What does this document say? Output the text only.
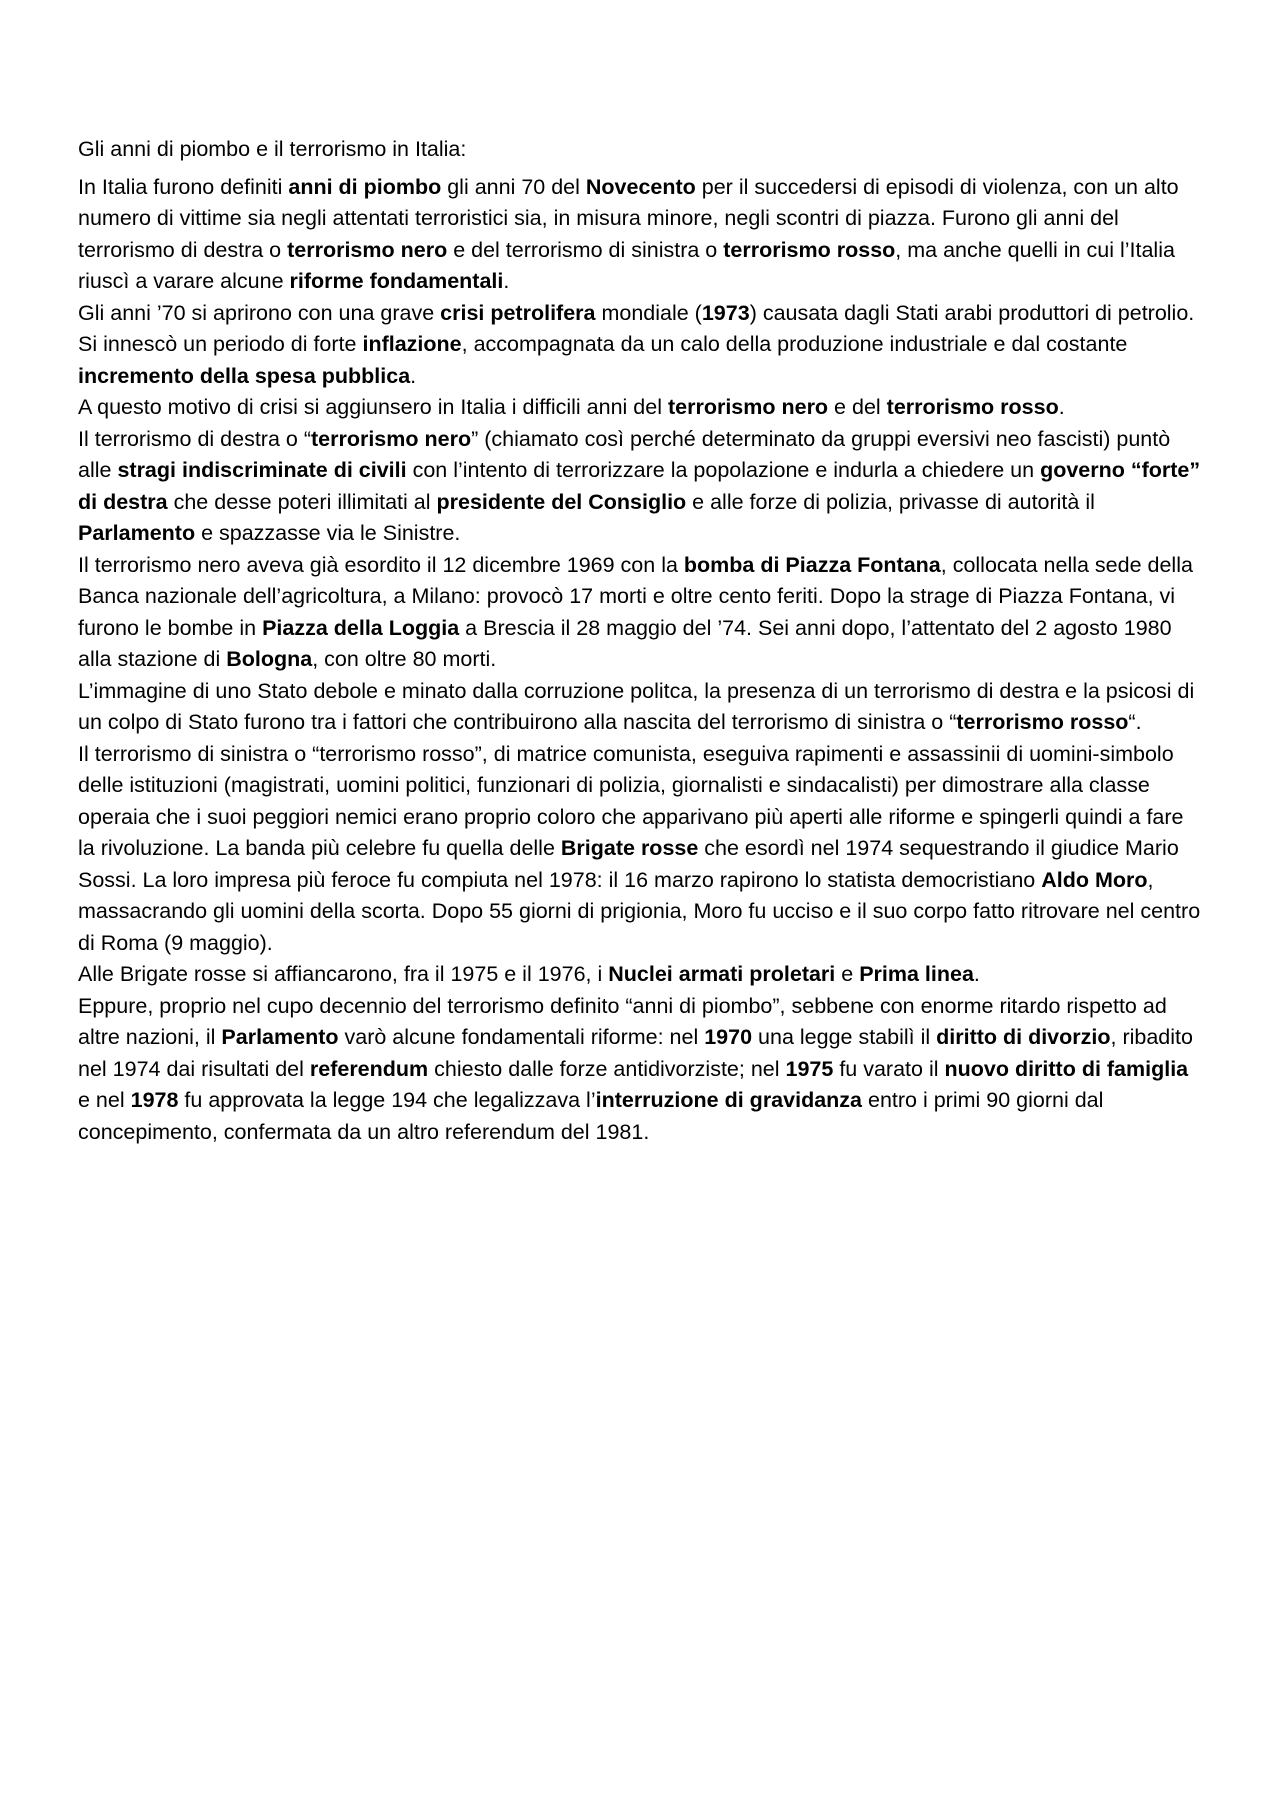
Gli anni di piombo e il terrorismo in Italia:
In Italia furono definiti anni di piombo gli anni 70 del Novecento per il succedersi di episodi di violenza, con un alto numero di vittime sia negli attentati terroristici sia, in misura minore, negli scontri di piazza. Furono gli anni del terrorismo di destra o terrorismo nero e del terrorismo di sinistra o terrorismo rosso, ma anche quelli in cui l’Italia riuscì a varare alcune riforme fondamentali.
Gli anni ’70 si aprirono con una grave crisi petrolifera mondiale (1973) causata dagli Stati arabi produttori di petrolio. Si innescò un periodo di forte inflazione, accompagnata da un calo della produzione industriale e dal costante incremento della spesa pubblica.
A questo motivo di crisi si aggiunsero in Italia i difficili anni del terrorismo nero e del terrorismo rosso.
Il terrorismo di destra o “terrorismo nero” (chiamato così perché determinato da gruppi eversivi neo fascisti) puntò alle stragi indiscriminate di civili con l’intento di terrorizzare la popolazione e indurla a chiedere un governo “forte” di destra che desse poteri illimitati al presidente del Consiglio e alle forze di polizia, privasse di autorità il Parlamento e spazzasse via le Sinistre.
Il terrorismo nero aveva già esordito il 12 dicembre 1969 con la bomba di Piazza Fontana, collocata nella sede della Banca nazionale dell’agricoltura, a Milano: provocò 17 morti e oltre cento feriti. Dopo la strage di Piazza Fontana, vi furono le bombe in Piazza della Loggia a Brescia il 28 maggio del ’74. Sei anni dopo, l’attentato del 2 agosto 1980 alla stazione di Bologna, con oltre 80 morti.
L’immagine di uno Stato debole e minato dalla corruzione politca, la presenza di un terrorismo di destra e la psicosi di un colpo di Stato furono tra i fattori che contribuirono alla nascita del terrorismo di sinistra o “terrorismo rosso“.
Il terrorismo di sinistra o “terrorismo rosso”, di matrice comunista, eseguiva rapimenti e assassinii di uomini-simbolo delle istituzioni (magistrati, uomini politici, funzionari di polizia, giornalisti e sindacalisti) per dimostrare alla classe operaia che i suoi peggiori nemici erano proprio coloro che apparivano più aperti alle riforme e spingerli quindi a fare la rivoluzione. La banda più celebre fu quella delle Brigate rosse che esordì nel 1974 sequestrando il giudice Mario Sossi. La loro impresa più feroce fu compiuta nel 1978: il 16 marzo rapirono lo statista democristiano Aldo Moro, massacrando gli uomini della scorta. Dopo 55 giorni di prigionia, Moro fu ucciso e il suo corpo fatto ritrovare nel centro di Roma (9 maggio).
Alle Brigate rosse si affiancarono, fra il 1975 e il 1976, i Nuclei armati proletari e Prima linea.
Eppure, proprio nel cupo decennio del terrorismo definito “anni di piombo”, sebbene con enorme ritardo rispetto ad altre nazioni, il Parlamento varò alcune fondamentali riforme: nel 1970 una legge stabilì il diritto di divorzio, ribadito nel 1974 dai risultati del referendum chiesto dalle forze antidivorziste; nel 1975 fu varato il nuovo diritto di famiglia e nel 1978 fu approvata la legge 194 che legalizzava l’interruzione di gravidanza entro i primi 90 giorni dal concepimento, confermata da un altro referendum del 1981.
